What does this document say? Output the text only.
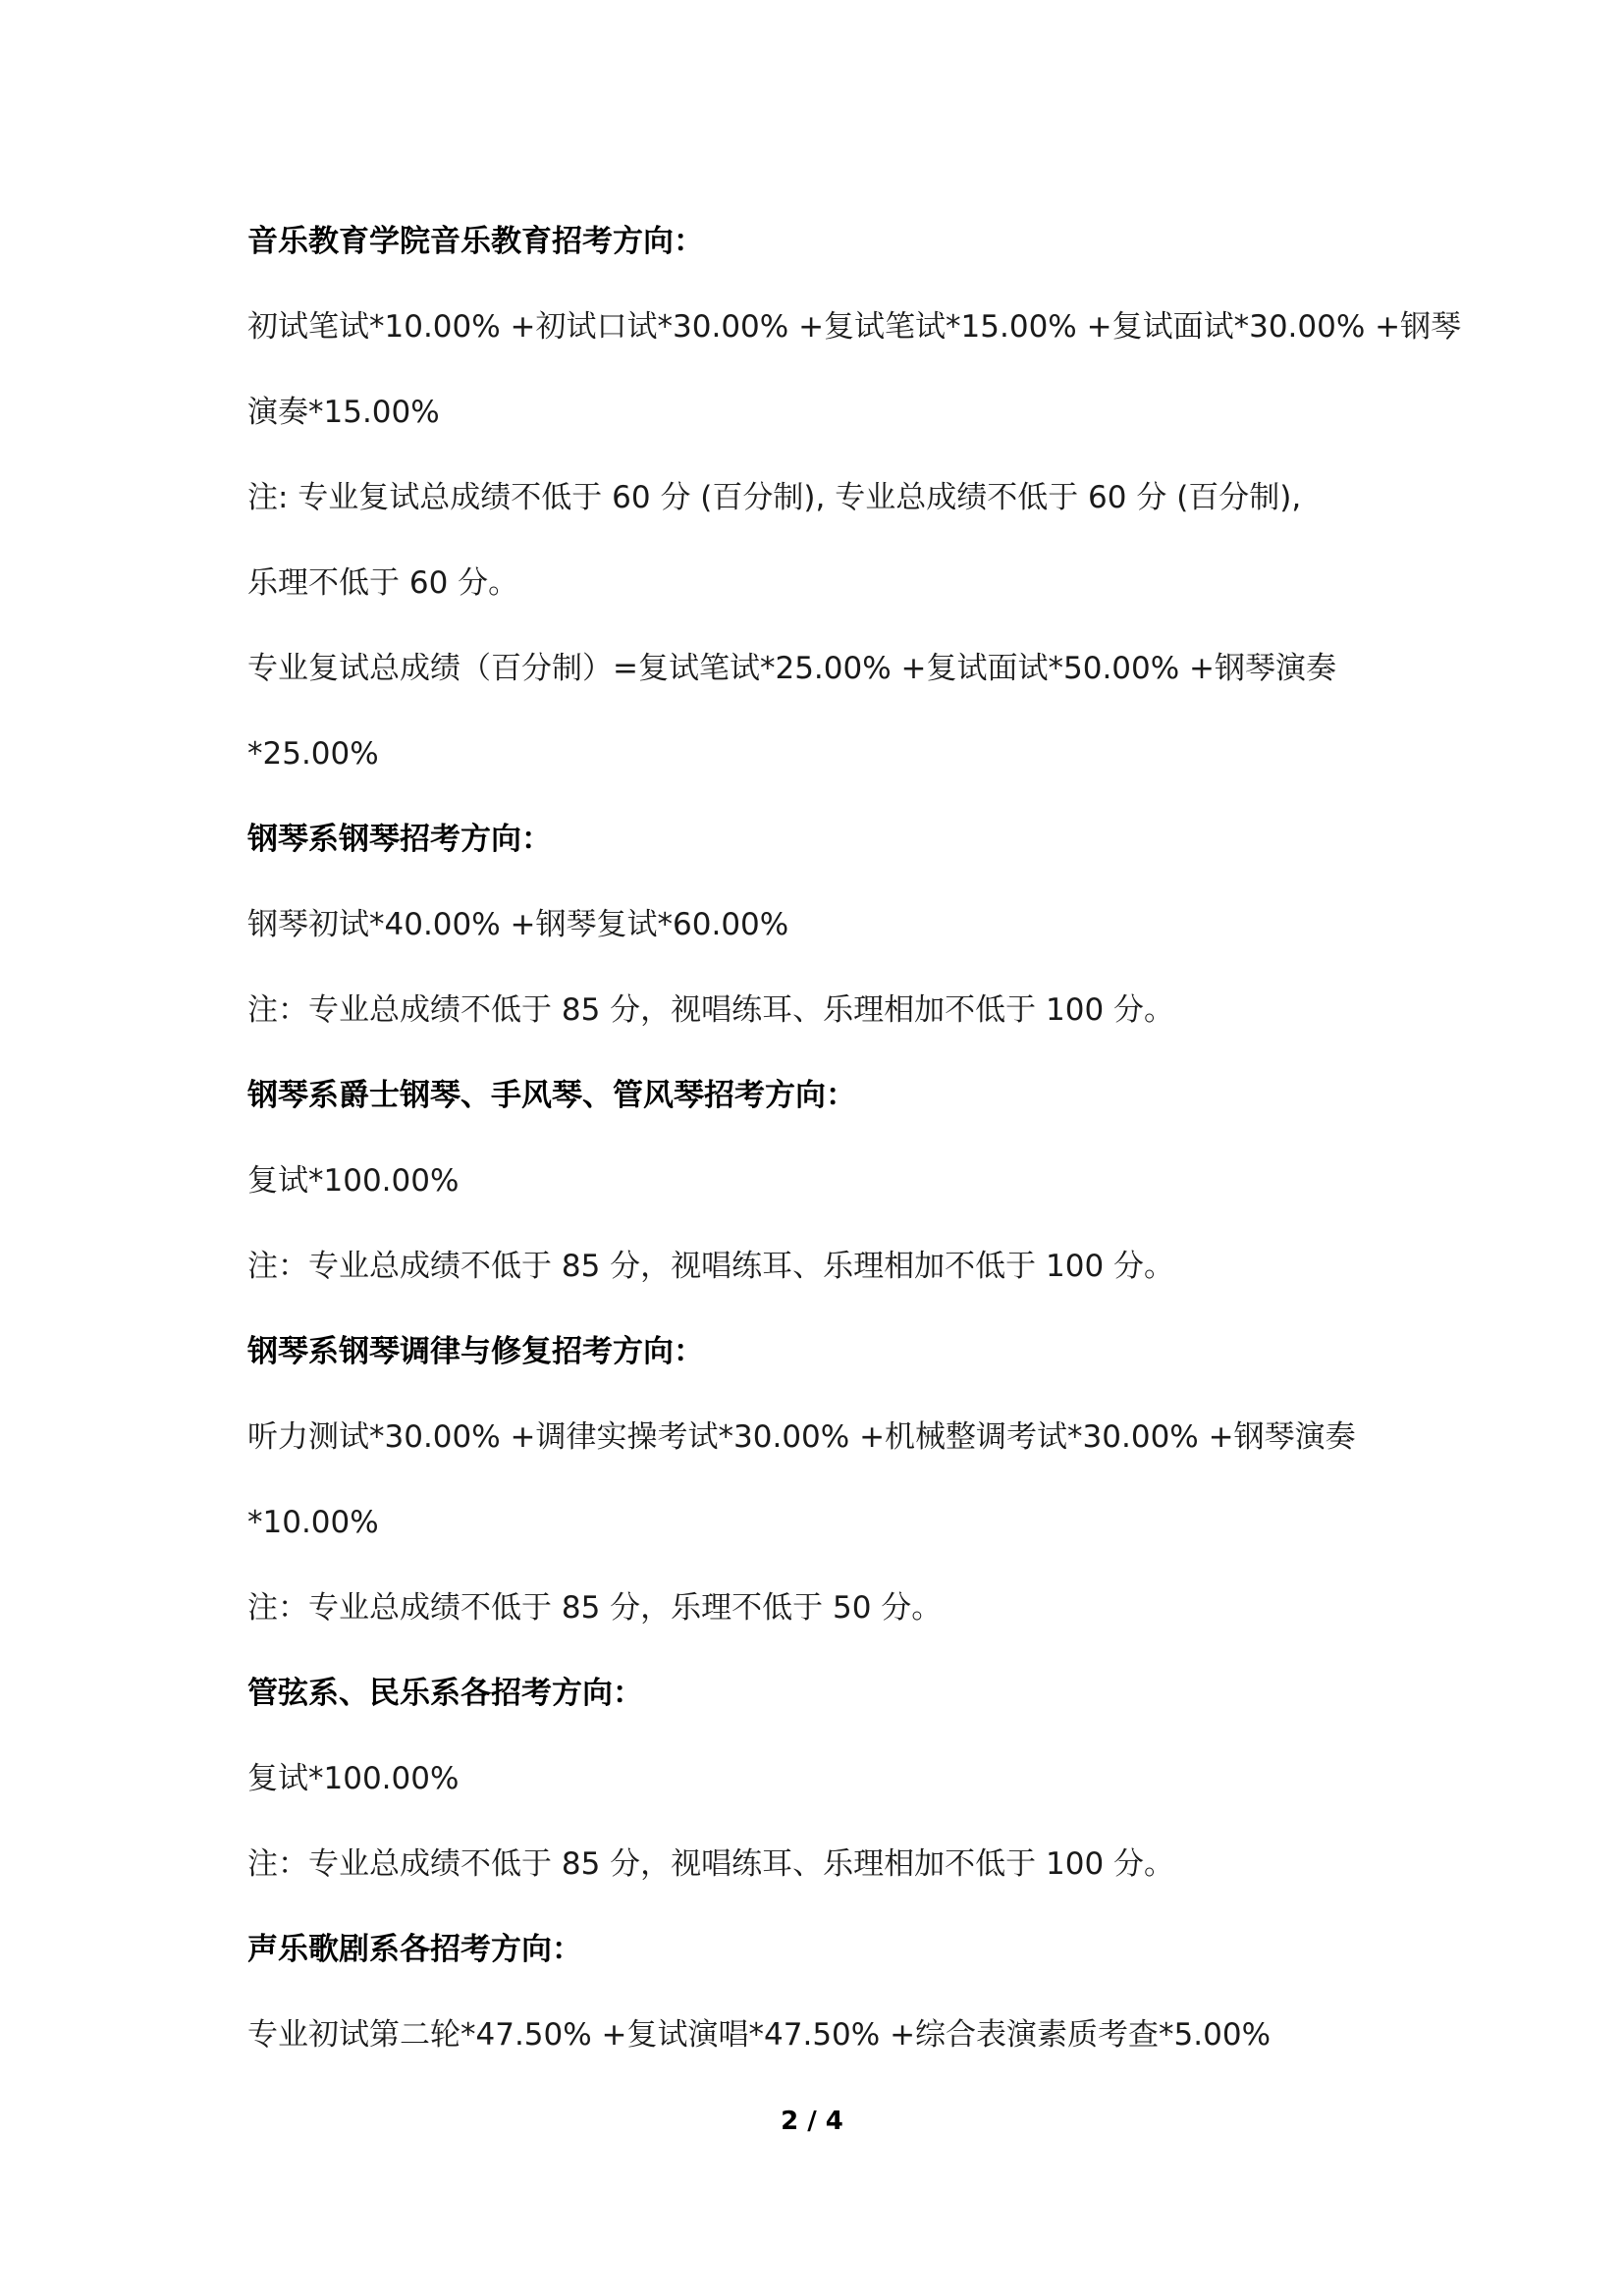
音乐教育学院音乐教育招考方向：
初试笔试*10.00% +初试口试*30.00% +复试笔试*15.00% +复试面试*30.00% +钢琴
演奏*15.00%
注: 专业复试总成绩不低于 60 分 (百分制), 专业总成绩不低于 60 分 (百分制),
乐理不低于 60 分。
专业复试总成绩（百分制）=复试笔试*25.00% +复试面试*50.00% +钢琴演奏
*25.00%
钢琴系钢琴招考方向：
钢琴初试*40.00% +钢琴复试*60.00%
注：专业总成绩不低于 85 分，视唱练耳、乐理相加不低于 100 分。
钢琴系爵士钢琴、手风琴、管风琴招考方向：
复试*100.00%
注：专业总成绩不低于 85 分，视唱练耳、乐理相加不低于 100 分。
钢琴系钢琴调律与修复招考方向：
听力测试*30.00% +调律实操考试*30.00% +机械整调考试*30.00% +钢琴演奏
*10.00%
注：专业总成绩不低于 85 分，乐理不低于 50 分。
管弦系、民乐系各招考方向：
复试*100.00%
注：专业总成绩不低于 85 分，视唱练耳、乐理相加不低于 100 分。
声乐歌剧系各招考方向：
专业初试第二轮*47.50% +复试演唱*47.50% +综合表演素质考查*5.00%
2 / 4
